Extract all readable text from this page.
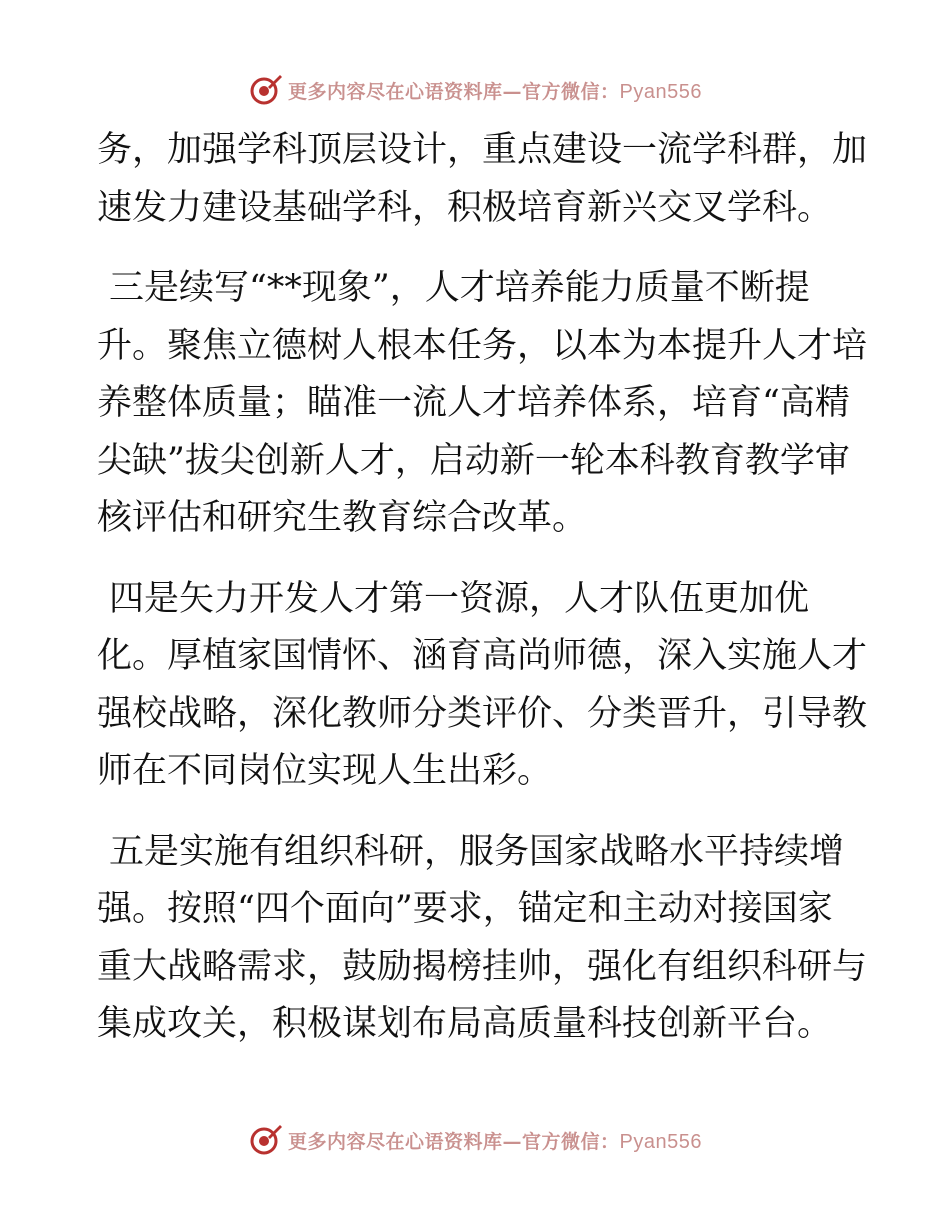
更多内容尽在心语资料库—官方微信：Pyan556
务，加强学科顶层设计，重点建设一流学科群，加
速发力建设基础学科，积极培育新兴交叉学科。
三是续写“**现象”，人才培养能力质量不断提
升。聚焦立德树人根本任务，以本为本提升人才培
养整体质量；瞄准一流人才培养体系，培育“高精
尖缺”拔尖创新人才，启动新一轮本科教育教学审
核评估和研究生教育综合改革。
四是矢力开发人才第一资源，人才队伍更加优
化。厚植家国情怀、涵育高尚师德，深入实施人才
强校战略，深化教师分类评价、分类晋升，引导教
师在不同岗位实现人生出彩。
五是实施有组织科研，服务国家战略水平持续增
强。按照“四个面向”要求，锚定和主动对接国家
重大战略需求，鼓励揭榜挂帅，强化有组织科研与
集成攻关，积极谋划布局高质量科技创新平台。
更多内容尽在心语资料库—官方微信：Pyan556
